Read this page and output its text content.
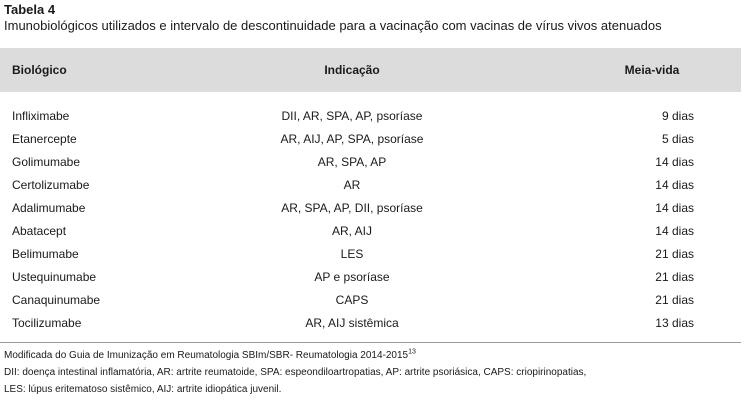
Tabela 4
Imunobiológicos utilizados e intervalo de descontinuidade para a vacinação com vacinas de vírus vivos atenuados
Biológico	Indicação	Meia-vida
Infliximabe	DII, AR, SPA, AP, psoríase	9 dias
Etanercepte	AR, AIJ, AP, SPA, psoríase	5 dias
Golimumabe	AR, SPA, AP	14 dias
Certolizumabe	AR	14 dias
Adalimumabe	AR, SPA, AP, DII, psoríase	14 dias
Abatacept	AR, AIJ	14 dias
Belimumabe	LES	21 dias
Ustequinumabe	AP e psoríase	21 dias
Canaquinumabe	CAPS	21 dias
Tocilizumabe	AR, AIJ sistêmica	13 dias
Modificada do Guia de Imunização em Reumatologia SBIm/SBR- Reumatologia 2014-2015$^{13}$
DII: doença intestinal inflamatória, AR: artrite reumatoide, SPA: espeondiloartropatias, AP: artrite psoriásica, CAPS: criopirinopatias,
LES: lúpus eritematoso sistêmico, AIJ: artrite idiopática juvenil.
